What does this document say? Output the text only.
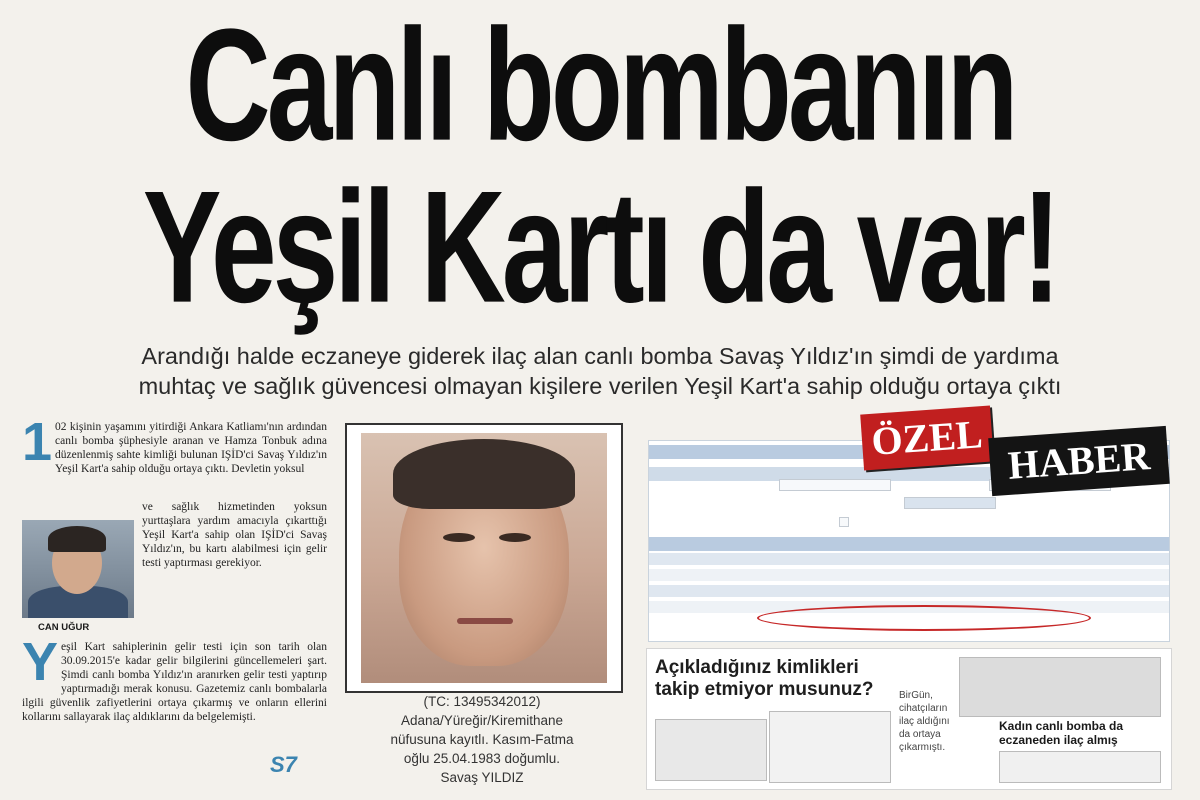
Canlı bombanın
Yeşil Kartı da var!
Arandığı halde eczaneye giderek ilaç alan canlı bomba Savaş Yıldız'ın şimdi de yardıma
muhtaç ve sağlık güvencesi olmayan kişilere verilen Yeşil Kart'a sahip olduğu ortaya çıktı
1 02 kişinin yaşamını yitirdiği Ankara Katliamı'nın ardından canlı bomba şüphesiyle aranan ve Hamza Tonbuk adına düzenlenmiş sahte kimliği bulunan IŞİD'ci Savaş Yıldız'ın Yeşil Kart'a sahip olduğu ortaya çıktı. Devletin yoksul
CAN UĞUR
ve sağlık hizmetinden yoksun yurttaşlara yardım amacıyla çıkarttığı Yeşil Kart'a sahip olan IŞİD'ci Savaş Yıldız'ın, bu kartı alabilmesi için gelir testi yaptırması gerekiyor.
Yeşil Kart sahiplerinin gelir testi için son tarih olan 30.09.2015'e kadar gelir bilgilerini güncellemeleri şart. Şimdi canlı bomba Yıldız'ın aranırken gelir testi yaptırıp yaptırmadığı merak konusu. Gazetemiz canlı bombalarla ilgili güvenlik zafiyetlerini ortaya çıkarmış ve onların ellerini kollarını sallayarak ilaç aldıklarını da belgelemişti.
S7
(TC: 13495342012)
Adana/Yüreğir/Kiremithane
nüfusuna kayıtlı. Kasım-Fatma
oğlu 25.04.1983 doğumlu.
Savaş YILDIZ
ÖZEL HABER
Açıkladığınız kimlikleri
takip etmiyor musunuz?	BirGün, cihatçıların ilaç aldığını da ortaya çıkarmıştı.
Kadın canlı bomba da
eczaneden ilaç almış
